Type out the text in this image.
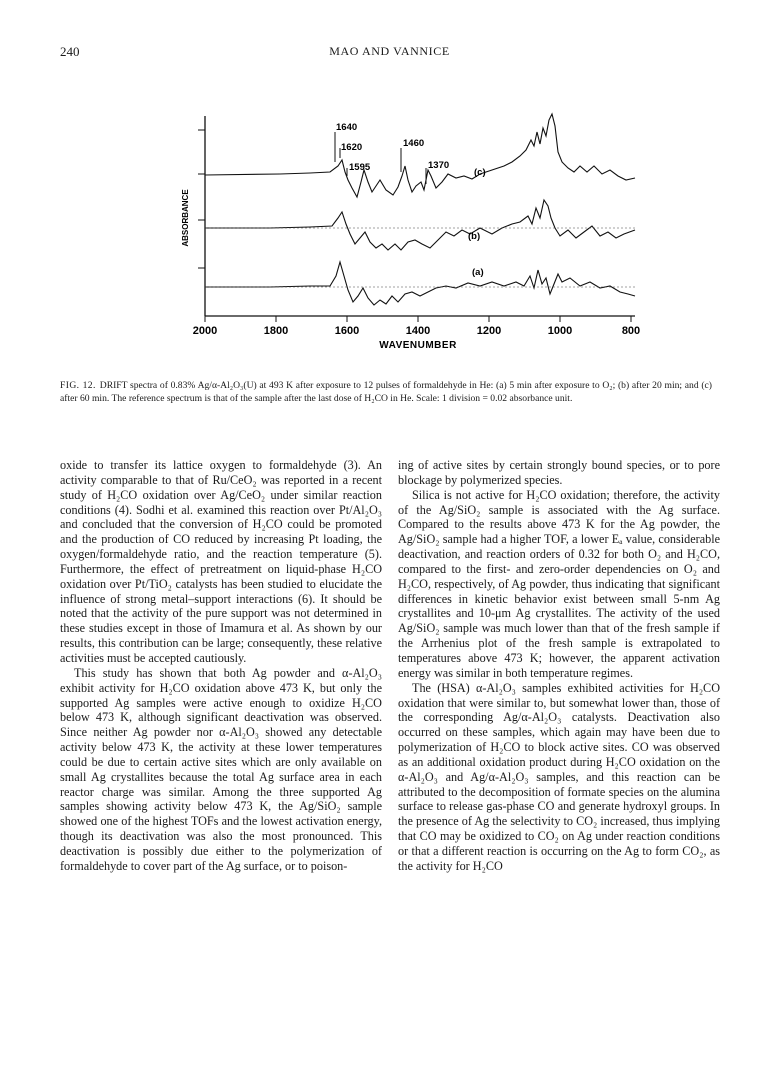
240	MAO AND VANNICE
2000	1800	1600	1400	1200	1000	800
WAVENUMBER
ABSORBANCE
1640
1620
1595
1460
1370
(c)
(b)
(a)
FIG. 12. DRIFT spectra of 0.83% Ag/α-Al₂O₃(U) at 493 K after exposure to 12 pulses of formaldehyde in He: (a) 5 min after exposure to O₂; (b) after 20 min; and (c) after 60 min. The reference spectrum is that of the sample after the last dose of H₂CO in He. Scale: 1 division = 0.02 absorbance unit.

oxide to transfer its lattice oxygen to formaldehyde (3). An activity comparable to that of Ru/CeO₂ was reported in a recent study of H₂CO oxidation over Ag/CeO₂ under similar reaction conditions (4). Sodhi et al. examined this reaction over Pt/Al₂O₃ and concluded that the conversion of H₂CO could be promoted and the production of CO reduced by increasing Pt loading, the oxygen/formaldehyde ratio, and the reaction temperature (5). Furthermore, the effect of pretreatment on liquid-phase H₂CO oxidation over Pt/TiO₂ catalysts has been studied to elucidate the influence of strong metal–support interactions (6). It should be noted that the activity of the pure support was not determined in these studies except in those of Imamura et al. As shown by our results, this contribution can be large; consequently, these relative activities must be accepted cautiously.

This study has shown that both Ag powder and α-Al₂O₃ exhibit activity for H₂CO oxidation above 473 K, but only the supported Ag samples were active enough to oxidize H₂CO below 473 K, although significant deactivation was observed. Since neither Ag powder nor α-Al₂O₃ showed any detectable activity below 473 K, the activity at these lower temperatures could be due to certain active sites which are only available on small Ag crystallites because the total Ag surface area in each reactor charge was similar. Among the three supported Ag samples showing activity below 473 K, the Ag/SiO₂ sample showed one of the highest TOFs and the lowest activation energy, though its deactivation was also the most pronounced. This deactivation is possibly due either to the polymerization of formaldehyde to cover part of the Ag surface, or to poison-

ing of active sites by certain strongly bound species, or to pore blockage by polymerized species.

Silica is not active for H₂CO oxidation; therefore, the activity of the Ag/SiO₂ sample is associated with the Ag surface. Compared to the results above 473 K for the Ag powder, the Ag/SiO₂ sample had a higher TOF, a lower Eₐ value, considerable deactivation, and reaction orders of 0.32 for both O₂ and H₂CO, compared to the first- and zero-order dependencies on O₂ and H₂CO, respectively, of Ag powder, thus indicating that significant differences in kinetic behavior exist between small 5-nm Ag crystallites and 10-μm Ag crystallites. The activity of the used Ag/SiO₂ sample was much lower than that of the fresh sample if the Arrhenius plot of the fresh sample is extrapolated to temperatures above 473 K; however, the apparent activation energy was similar in both temperature regimes.

The (HSA) α-Al₂O₃ samples exhibited activities for H₂CO oxidation that were similar to, but somewhat lower than, those of the corresponding Ag/α-Al₂O₃ catalysts. Deactivation also occurred on these samples, which again may have been due to polymerization of H₂CO to block active sites. CO was observed as an additional oxidation product during H₂CO oxidation on the α-Al₂O₃ and Ag/α-Al₂O₃ samples, and this reaction can be attributed to the decomposition of formate species on the alumina surface to release gas-phase CO and generate hydroxyl groups. In the presence of Ag the selectivity to CO₂ increased, thus implying that CO may be oxidized to CO₂ on Ag under reaction conditions or that a different reaction is occurring on the Ag to form CO₂, as the activity for H₂CO
